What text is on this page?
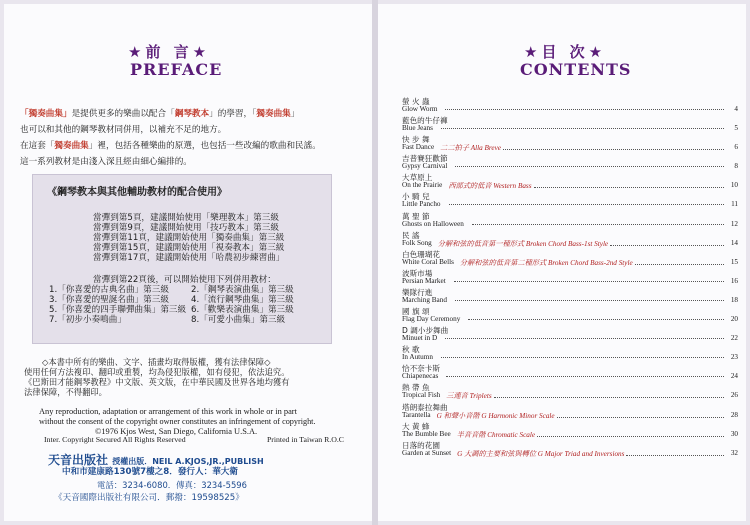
★前 言★
PREFACE
「獨奏曲集」是提供更多的樂曲以配合「鋼琴教本」的學習，「獨奏曲集」
也可以和其他的鋼琴教材同併用，以補充不足的地方。
在這套「獨奏曲集」裡，包括各種樂曲的原選，也包括一些改編的歌曲和民謠。
這一系列教材是由淺入深且經由細心編排的。
《鋼琴教本與其他輔助教材的配合使用》
當彈到第5頁，建議開始使用「樂理教本」第三級
當彈到第9頁，建議開始使用「技巧教本」第三級
當彈到第11頁，建議開始使用「獨奏曲集」第三級
當彈到第15頁，建議開始使用「視奏教本」第三級
當彈到第17頁，建議開始使用「哈農初步練習曲」
當彈到第22頁後，可以開始使用下列併用教材：
1.「你喜愛的古典名曲」第三級	2.「鋼琴表演曲集」第三級
3.「你喜愛的聖誕名曲」第三級	4.「流行鋼琴曲集」第三級
5.「你喜愛的四手聯彈曲集」第三級 6.「歡樂表演曲集」第三級
7.「初步小奏鳴曲」	8.「可愛小曲集」第三級
◇本書中所有的樂曲、文字、插畫均取得版權，獲有法律保障◇
使用任何方法複印、翻印或重製，均為侵犯版權，如有侵犯，依法追究。
《巴斯田才能鋼琴教程》中文版、英文版，在中華民國及世界各地均獲有
法律保障，不得翻印。
Any reproduction, adaptation or arrangement of this work in whole or in part
without the consent of the copyright owner constitutes an infringement of copyright.
©1976 Kjos West, San Diego, California U.S.A.
Inter. Copyright Secured All Rights Reserved	Printed in Taiwan R.O.C
天音出版社 授權出版．NEIL A.KJOS,JR.,PUBLISH
中和市建康路130號7樓之8．發行人：華大衛
電話：3234-6080．傳真：3234-5596
《天音國際出版社有限公司．郵撥：19598525》
★目 次★
CONTENTS
螢 火 蟲
Glow Worm	4
藍色的牛仔褲
Blue Jeans	5
快 步 舞
Fast Dance 二二拍子 Alla Breve	6
吉普賽狂歡節
Gypsy Carnival	8
大草原上
On the Prairie 西部式的低音 Western Bass	10
小 騎 兒
Little Pancho	11
萬 聖 節
Ghosts on Halloween	12
民 謠
Folk Song 分解和弦的低音第一種形式 Broken Chord Bass-1st Style	14
白色珊瑚花
White Coral Bells 分解和弦的低音第二種形式 Broken Chord Bass-2nd Style	15
波斯市場
Persian Market	16
樂隊行進
Marching Band	18
國 旗 頌
Flag Day Ceremony	20
D 調小步舞曲
Minuet in D	22
秋 歌
In Autumn	23
恰不奈卡斯
Chiapenecas	24
熱 帶 魚
Tropical Fish 三連音 Triplets	26
塔朗泰拉舞曲
Tarantella G 和聲小音階 G Harmonic Minor Scale	28
大 黃 蜂
The Bumble Bee 半音音階 Chromatic Scale	30
日落的花園
Garden at Sunset G 大調的主要和弦與轉位 G Major Triad and Inversions	32
